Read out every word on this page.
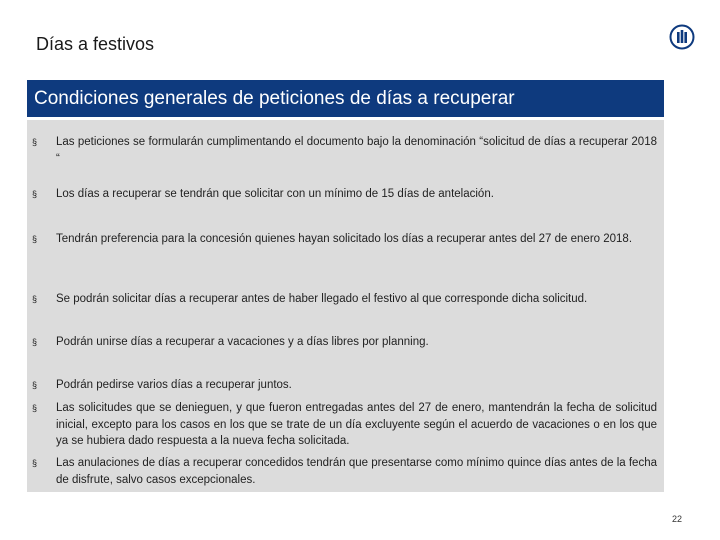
Días a festivos
Condiciones generales de peticiones de días a recuperar
§ Las peticiones se formularán cumplimentando el documento bajo la denominación “solicitud de días a recuperar 2018 “
§ Los días a recuperar se tendrán que solicitar con un mínimo de 15 días de antelación.
§ Tendrán preferencia para la concesión quienes hayan solicitado los días a recuperar antes del 27 de enero 2018.
§ Se podrán solicitar días a recuperar antes de haber llegado el festivo al que corresponde dicha solicitud.
§ Podrán unirse días a recuperar a vacaciones y a días libres por planning.
§ Podrán pedirse varios días a recuperar juntos.
§ Las solicitudes que se denieguen, y que fueron entregadas antes del 27 de enero, mantendrán la fecha de solicitud inicial, excepto para los casos en los que se trate de un día excluyente según el acuerdo de vacaciones o en los que ya se hubiera dado respuesta a la nueva fecha solicitada.
§ Las anulaciones de días a recuperar concedidos tendrán que presentarse como mínimo quince días antes de la fecha de disfrute, salvo casos excepcionales.
22
